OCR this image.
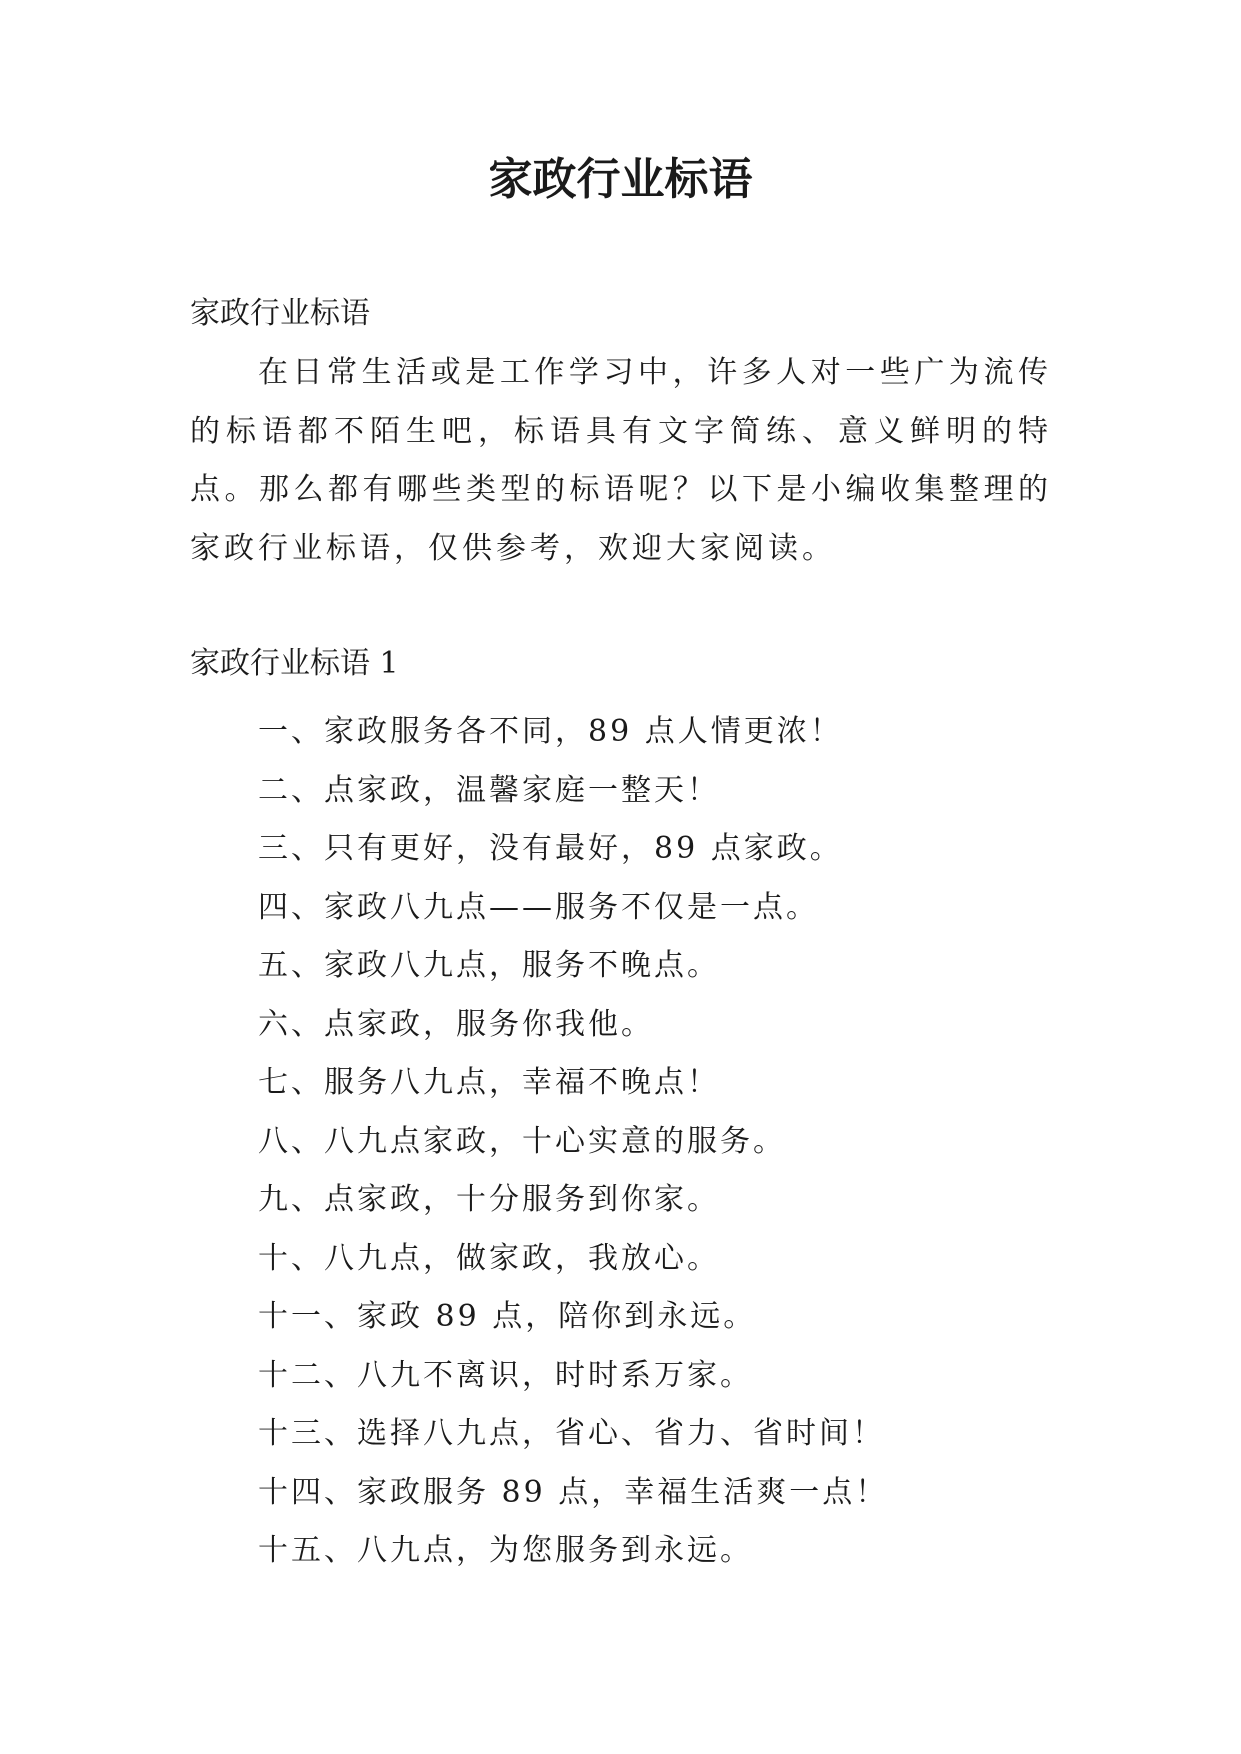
家政行业标语

家政行业标语

在日常生活或是工作学习中，许多人对一些广为流传的标语都不陌生吧，标语具有文字简练、意义鲜明的特点。那么都有哪些类型的标语呢？以下是小编收集整理的家政行业标语，仅供参考，欢迎大家阅读。

家政行业标语 1

一、家政服务各不同，89 点人情更浓！
二、点家政，温馨家庭一整天！
三、只有更好，没有最好，89 点家政。
四、家政八九点——服务不仅是一点。
五、家政八九点，服务不晚点。
六、点家政，服务你我他。
七、服务八九点，幸福不晚点！
八、八九点家政，十心实意的服务。
九、点家政，十分服务到你家。
十、八九点，做家政，我放心。
十一、家政 89 点，陪你到永远。
十二、八九不离识，时时系万家。
十三、选择八九点，省心、省力、省时间！
十四、家政服务 89 点，幸福生活爽一点！
十五、八九点，为您服务到永远。
